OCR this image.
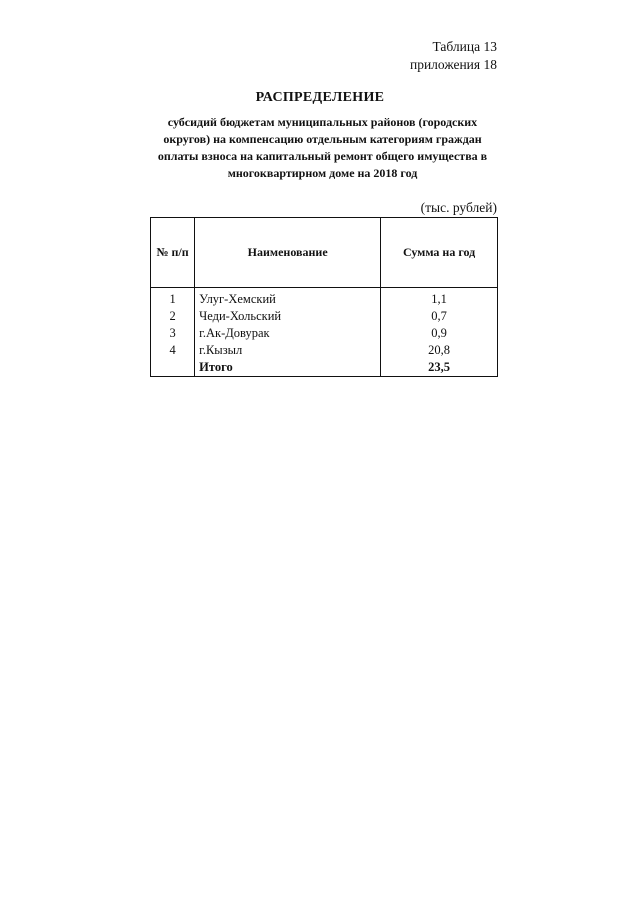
Таблица 13
приложения 18
РАСПРЕДЕЛЕНИЕ
субсидий бюджетам муниципальных районов (городских округов) на компенсацию отдельным категориям граждан оплаты взноса на капитальный ремонт общего имущества в многоквартирном доме на 2018 год
(тыс. рублей)
№ п/п	Наименование	Сумма на год
1	Улуг-Хемский	1,1
2	Чеди-Хольский	0,7
3	г.Ак-Довурак	0,9
4	г.Кызыл	20,8
	Итого	23,5
